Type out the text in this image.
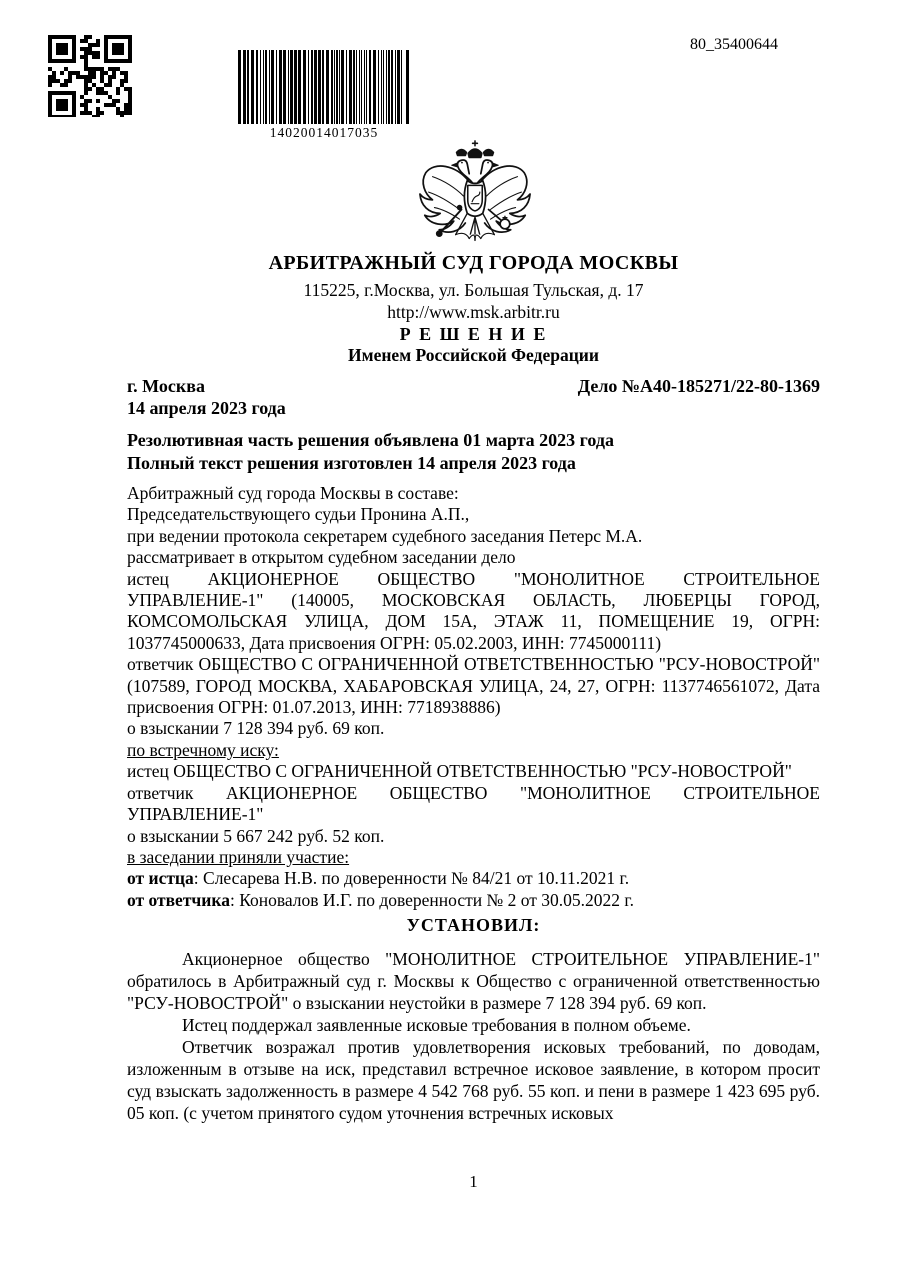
14020014017035
80_35400644
АРБИТРАЖНЫЙ СУД ГОРОДА МОСКВЫ
115225, г.Москва, ул. Большая Тульская, д. 17
http://www.msk.arbitr.ru
Р Е Ш Е Н И Е
Именем Российской Федерации
г. Москва	Дело №А40-185271/22-80-1369
14 апреля 2023 года
Резолютивная часть решения объявлена 01 марта 2023 года
Полный текст решения изготовлен 14 апреля 2023 года

Арбитражный суд города Москвы в составе:

Председательствующего судьи Пронина А.П.,

при ведении протокола секретарем судебного заседания Петерс М.А.

рассматривает в открытом судебном заседании дело

истец АКЦИОНЕРНОЕ ОБЩЕСТВО "МОНОЛИТНОЕ СТРОИТЕЛЬНОЕ УПРАВЛЕНИЕ-1" (140005, МОСКОВСКАЯ ОБЛАСТЬ, ЛЮБЕРЦЫ ГОРОД, КОМСОМОЛЬСКАЯ УЛИЦА, ДОМ 15А, ЭТАЖ 11, ПОМЕЩЕНИЕ 19, ОГРН: 1037745000633, Дата присвоения ОГРН: 05.02.2003, ИНН: 7745000111)

ответчик ОБЩЕСТВО С ОГРАНИЧЕННОЙ ОТВЕТСТВЕННОСТЬЮ "РСУ-НОВОСТРОЙ" (107589, ГОРОД МОСКВА, ХАБАРОВСКАЯ УЛИЦА, 24, 27, ОГРН: 1137746561072, Дата присвоения ОГРН: 01.07.2013, ИНН: 7718938886)

о взыскании 7 128 394 руб. 69 коп.

по встречному иску:

истец ОБЩЕСТВО С ОГРАНИЧЕННОЙ ОТВЕТСТВЕННОСТЬЮ "РСУ-НОВОСТРОЙ"

ответчик АКЦИОНЕРНОЕ ОБЩЕСТВО "МОНОЛИТНОЕ СТРОИТЕЛЬНОЕ УПРАВЛЕНИЕ-1"

о взыскании 5 667 242 руб. 52 коп.

в заседании приняли участие:

от истца: Слесарева Н.В. по доверенности № 84/21 от 10.11.2021 г.

от ответчика: Коновалов И.Г. по доверенности № 2 от 30.05.2022 г.

УСТАНОВИЛ:

Акционерное общество "МОНОЛИТНОЕ СТРОИТЕЛЬНОЕ УПРАВЛЕНИЕ-1" обратилось в Арбитражный суд г. Москвы к Общество с ограниченной ответственностью "РСУ-НОВОСТРОЙ" о взыскании неустойки в размере 7 128 394 руб. 69 коп.

Истец поддержал заявленные исковые требования в полном объеме.

Ответчик возражал против удовлетворения исковых требований, по доводам, изложенным в отзыве на иск, представил встречное исковое заявление, в котором просит суд взыскать задолженность в размере 4 542 768 руб. 55 коп. и пени в размере 1 423 695 руб. 05 коп. (с учетом принятого судом уточнения встречных исковых

1
